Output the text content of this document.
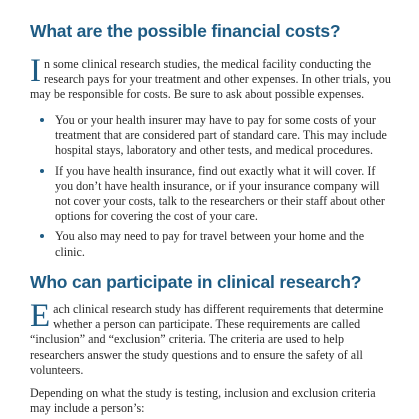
What are the possible financial costs?

I n some clinical research studies, the medical facility conducting the research pays for your treatment and other expenses. In other trials, you may be responsible for costs. Be sure to ask about possible expenses.

You or your health insurer may have to pay for some costs of your treatment that are considered part of standard care. This may include hospital stays, laboratory and other tests, and medical procedures.
If you have health insurance, find out exactly what it will cover. If you don’t have health insurance, or if your insurance company will not cover your costs, talk to the researchers or their staff about other options for covering the cost of your care.
You also may need to pay for travel between your home and the clinic.
Who can participate in clinical research?

E ach clinical research study has different requirements that determine whether a person can participate. These requirements are called “inclusion” and “exclusion” criteria. The criteria are used to help researchers answer the study questions and to ensure the safety of all volunteers.

Depending on what the study is testing, inclusion and exclusion criteria may include a person’s:
